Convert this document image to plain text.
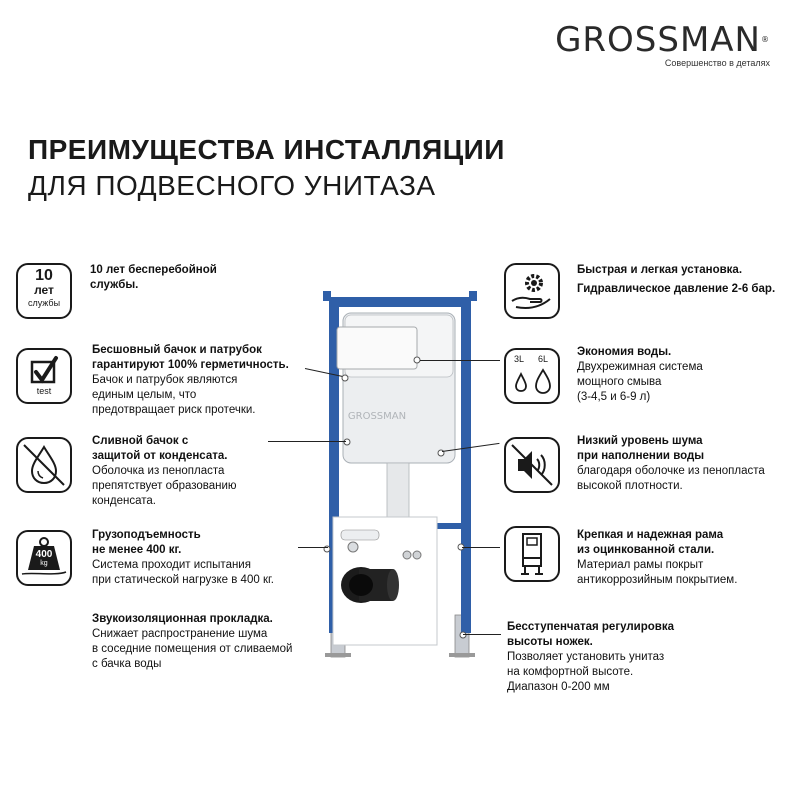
GROSSMAN®
Совершенство в деталях
ПРЕИМУЩЕСТВА ИНСТАЛЛЯЦИИ
ДЛЯ ПОДВЕСНОГО УНИТАЗА
GROSSMAN
10
лет
службы
10 лет бесперебойной
службы.
test
Бесшовный бачок и патрубок
гарантируют 100% герметичность.
Бачок и патрубок являются
единым целым, что
предотвращает риск протечки.
Сливной бачок с
защитой от конденсата.
Оболочка из пенопласта
препятствует образованию
конденсата.
400
kg
Грузоподъемность
не менее 400 кг.
Система проходит испытания
при статической нагрузке в 400 кг.
Звукоизоляционная прокладка.
Снижает распространение шума
в соседние помещения от сливаемой
с бачка воды
Быстрая и легкая установка.
Гидравлическое давление 2-6 бар.
3L 6L
Экономия воды.
Двухрежимная система
мощного смыва
(3-4,5 и 6-9 л)
Низкий уровень шума
при наполнении воды
благодаря оболочке из пенопласта
высокой плотности.
Крепкая и надежная рама
из оцинкованной стали.
Материал рамы покрыт
антикоррозийным покрытием.
Бесступенчатая регулировка
высоты ножек.
Позволяет установить унитаз
на комфортной высоте.
Диапазон 0-200 мм
